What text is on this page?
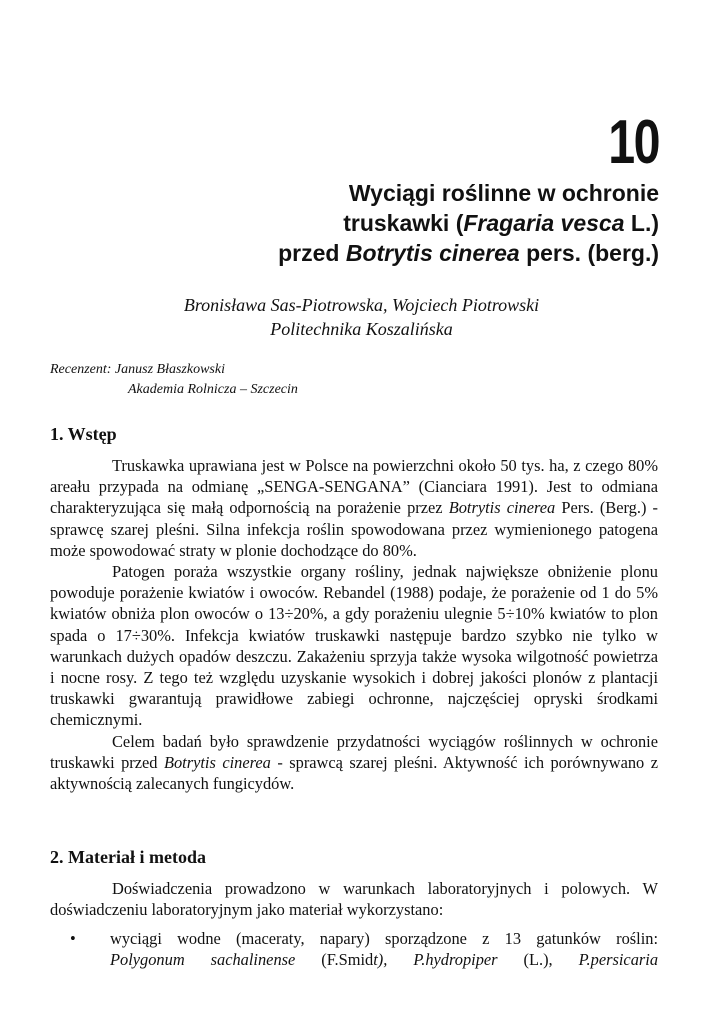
10
Wyciągi roślinne w ochronie
truskawki (Fragaria vesca L.)
przed Botrytis cinerea pers. (berg.)
Bronisława Sas-Piotrowska, Wojciech Piotrowski
Politechnika Koszalińska
Recenzent: Janusz Błaszkowski
Akademia Rolnicza – Szczecin
1. Wstęp

Truskawka uprawiana jest w Polsce na powierzchni około 50 tys. ha, z czego 80% areału przypada na odmianę „SENGA-SENGANA” (Cianciara 1991). Jest to odmiana charakteryzująca się małą odpornością na porażenie przez Botrytis cinerea Pers. (Berg.) - sprawcę szarej pleśni. Silna infekcja roślin spowodowana przez wymienionego patogena może spowodować straty w plonie dochodzące do 80%.

Patogen poraża wszystkie organy rośliny, jednak największe obniżenie plonu powoduje porażenie kwiatów i owoców. Rebandel (1988) podaje, że porażenie od 1 do 5% kwiatów obniża plon owoców o 13÷20%, a gdy porażeniu ulegnie 5÷10% kwiatów to plon spada o 17÷30%. Infekcja kwiatów truskawki następuje bardzo szybko nie tylko w warunkach dużych opadów deszczu. Zakażeniu sprzyja także wysoka wilgotność powietrza i nocne rosy. Z tego też względu uzyskanie wysokich i dobrej jakości plonów z plantacji truskawki gwarantują prawidłowe zabiegi ochronne, najczęściej opryski środkami chemicznymi.

Celem badań było sprawdzenie przydatności wyciągów roślinnych w ochronie truskawki przed Botrytis cinerea - sprawcą szarej pleśni. Aktywność ich porównywano z aktywnością zalecanych fungicydów.

2. Materiał i metoda

Doświadczenia prowadzono w warunkach laboratoryjnych i polowych. W doświadczeniu laboratoryjnym jako materiał wykorzystano:

•	wyciągi wodne (maceraty, napary) sporządzone z 13 gatunków roślin:
Polygonum sachalinense (F.Smidt), P.hydropiper (L.), P.persicaria
